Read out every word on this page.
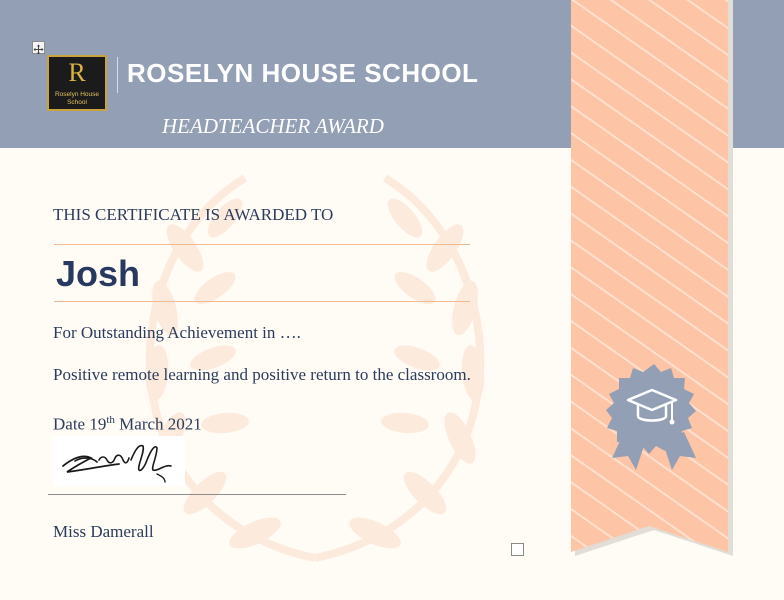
R
Roselyn House
School
ROSELYN HOUSE SCHOOL
HEADTEACHER AWARD
THIS CERTIFICATE IS AWARDED TO
Josh
For Outstanding Achievement in ….
Positive remote learning and positive return to the classroom.
Date 19th March 2021
Miss Damerall
